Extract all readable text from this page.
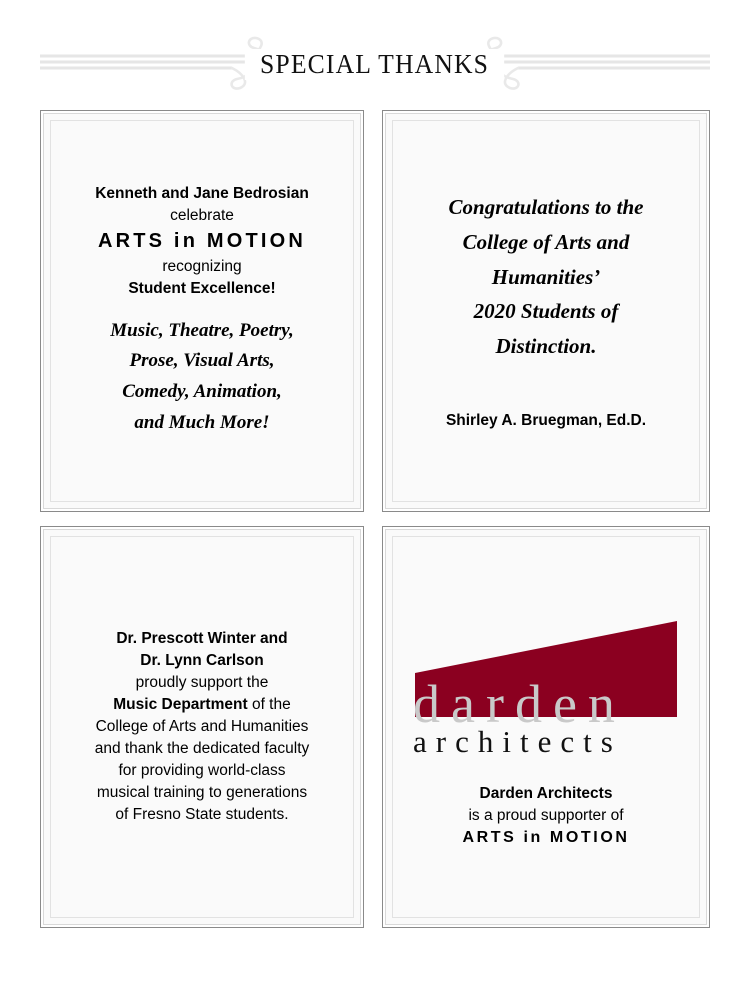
SPECIAL THANKS
Kenneth and Jane Bedrosian
celebrate
ARTS in MOTION
recognizing
Student Excellence!
Music, Theatre, Poetry,
Prose, Visual Arts,
Comedy, Animation,
and Much More!
Congratulations to the
College of Arts and
Humanities’
2020 Students of
Distinction.
Shirley A. Bruegman, Ed.D.
Dr. Prescott Winter and
Dr. Lynn Carlson
proudly support the
Music Department of the
College of Arts and Humanities
and thank the dedicated faculty
for providing world-class
musical training to generations
of Fresno State students.
darden
architects
Darden Architects
is a proud supporter of
ARTS in MOTION
